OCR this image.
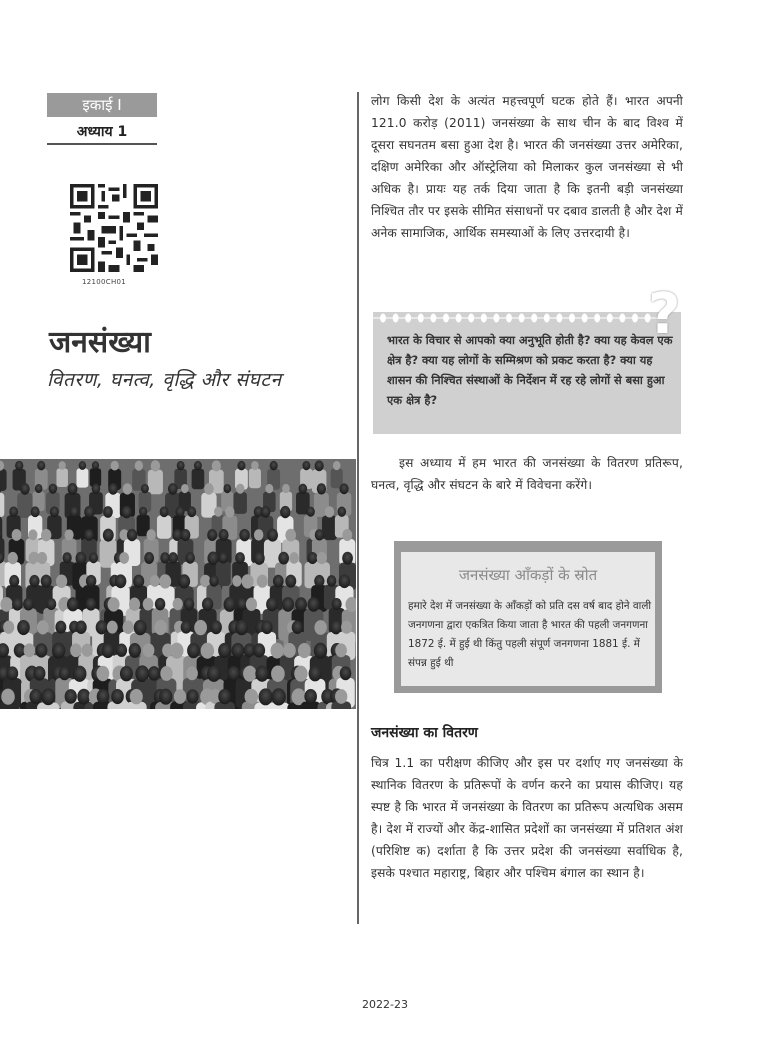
इकाई I
अध्याय 1
12100CH01
जनसंख्या
वितरण, घनत्व, वृद्धि और संघटन
लोग किसी देश के अत्यंत महत्त्वपूर्ण घटक होते हैं। भारत अपनी 121.0 करोड़ (2011) जनसंख्या के साथ चीन के बाद विश्व में दूसरा सघनतम बसा हुआ देश है। भारत की जनसंख्या उत्तर अमेरिका, दक्षिण अमेरिका और ऑस्ट्रेलिया को मिलाकर कुल जनसंख्या से भी अधिक है। प्रायः यह तर्क दिया जाता है कि इतनी बड़ी जनसंख्या निश्चित तौर पर इसके सीमित संसाधनों पर दबाव डालती है और देश में अनेक सामाजिक, आर्थिक समस्याओं के लिए उत्तरदायी है।
?
भारत के विचार से आपको क्या अनुभूति होती है? क्या यह केवल एक क्षेत्र है? क्या यह लोगों के सम्मिश्रण को प्रकट करता है? क्या यह शासन की निश्चित संस्थाओं के निर्देशन में रह रहे लोगों से बसा हुआ एक क्षेत्र है?
इस अध्याय में हम भारत की जनसंख्या के वितरण प्रतिरूप, घनत्व, वृद्धि और संघटन के बारे में विवेचना करेंगे।
जनसंख्या आँकड़ों के स्रोत
हमारे देश में जनसंख्या के आँकड़ों को प्रति दस वर्ष बाद होने वाली जनगणना द्वारा एकत्रित किया जाता है भारत की पहली जनगणना 1872 ई. में हुई थी किंतु पहली संपूर्ण जनगणना 1881 ई. में संपन्न हुई थी
जनसंख्या का वितरण
चित्र 1.1 का परीक्षण कीजिए और इस पर दर्शाए गए जनसंख्या के स्थानिक वितरण के प्रतिरूपों के वर्णन करने का प्रयास कीजिए। यह स्पष्ट है कि भारत में जनसंख्या के वितरण का प्रतिरूप अत्यधिक असम है। देश में राज्यों और केंद्र-शासित प्रदेशों का जनसंख्या में प्रतिशत अंश (परिशिष्ट क) दर्शाता है कि उत्तर प्रदेश की जनसंख्या सर्वाधिक है, इसके पश्चात महाराष्ट्र, बिहार और पश्चिम बंगाल का स्थान है।
2022-23
